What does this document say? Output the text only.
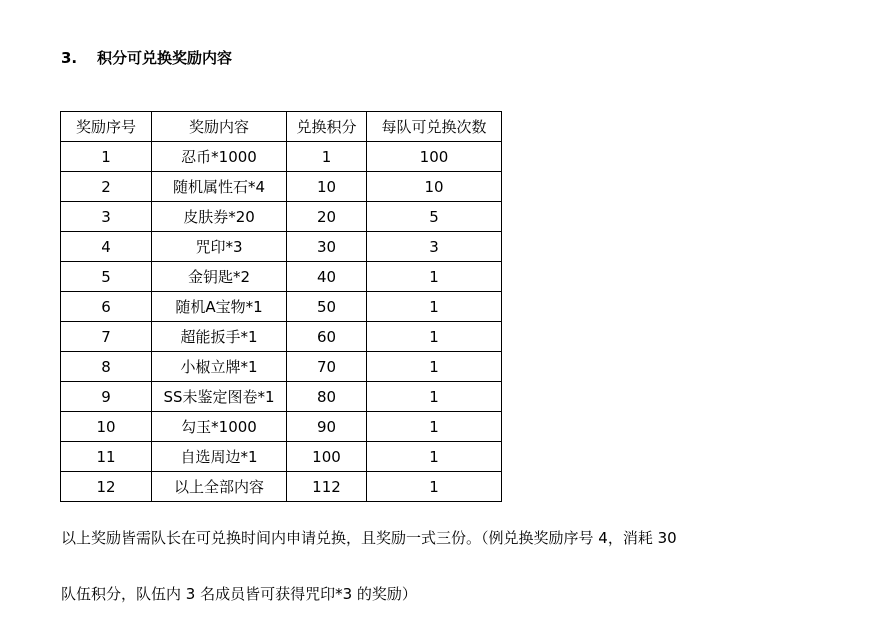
3.	积分可兑换奖励内容
奖励序号	奖励内容	兑换积分	每队可兑换次数
1	忍币*1000	1	100
2	随机属性石*4	10	10
3	皮肤券*20	20	5
4	咒印*3	30	3
5	金钥匙*2	40	1
6	随机A宝物*1	50	1
7	超能扳手*1	60	1
8	小椒立牌*1	70	1
9	SS未鉴定图卷*1	80	1
10	勾玉*1000	90	1
11	自选周边*1	100	1
12	以上全部内容	112	1
以上奖励皆需队长在可兑换时间内申请兑换，且奖励一式三份。（例兑换奖励序号 4，消耗 30
队伍积分，队伍内 3 名成员皆可获得咒印*3 的奖励）
